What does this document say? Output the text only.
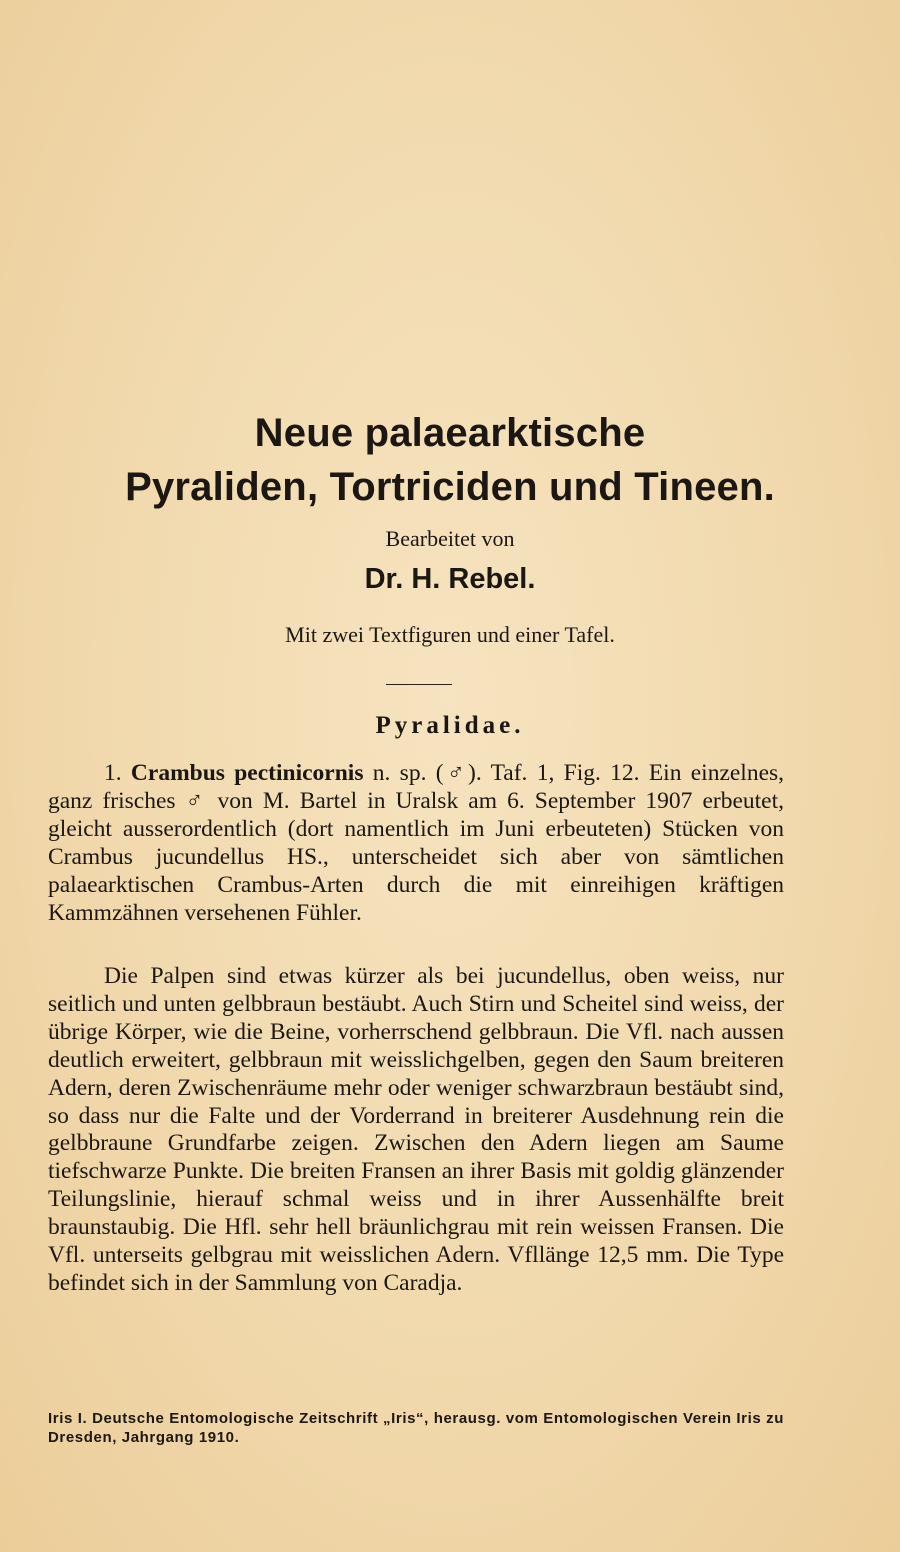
Neue palaearktische
Pyraliden, Tortriciden und Tineen.
Bearbeitet von
Dr. H. Rebel.
Mit zwei Textfiguren und einer Tafel.
Pyralidae.

1. Crambus pectinicornis n. sp. (♂). Taf. 1, Fig. 12. Ein einzelnes, ganz frisches ♂ von M. Bartel in Uralsk am 6. September 1907 erbeutet, gleicht ausserordentlich (dort namentlich im Juni erbeuteten) Stücken von Crambus jucundellus HS., unterscheidet sich aber von sämtlichen palaearktischen Crambus-Arten durch die mit einreihigen kräftigen Kammzähnen versehenen Fühler.

Die Palpen sind etwas kürzer als bei jucundellus, oben weiss, nur seitlich und unten gelbbraun bestäubt. Auch Stirn und Scheitel sind weiss, der übrige Körper, wie die Beine, vorherrschend gelbbraun. Die Vfl. nach aussen deutlich erweitert, gelbbraun mit weisslichgelben, gegen den Saum breiteren Adern, deren Zwischenräume mehr oder weniger schwarzbraun bestäubt sind, so dass nur die Falte und der Vorderrand in breiterer Ausdehnung rein die gelbbraune Grundfarbe zeigen. Zwischen den Adern liegen am Saume tiefschwarze Punkte. Die breiten Fransen an ihrer Basis mit goldig glänzender Teilungslinie, hierauf schmal weiss und in ihrer Aussenhälfte breit braunstaubig. Die Hfl. sehr hell bräunlichgrau mit rein weissen Fransen. Die Vfl. unterseits gelbgrau mit weisslichen Adern. Vfllänge 12,5 mm. Die Type befindet sich in der Sammlung von Caradja.

Iris I. Deutsche Entomologische Zeitschrift „Iris“, herausg. vom Entomologischen Verein Iris zu Dresden, Jahrgang 1910.
